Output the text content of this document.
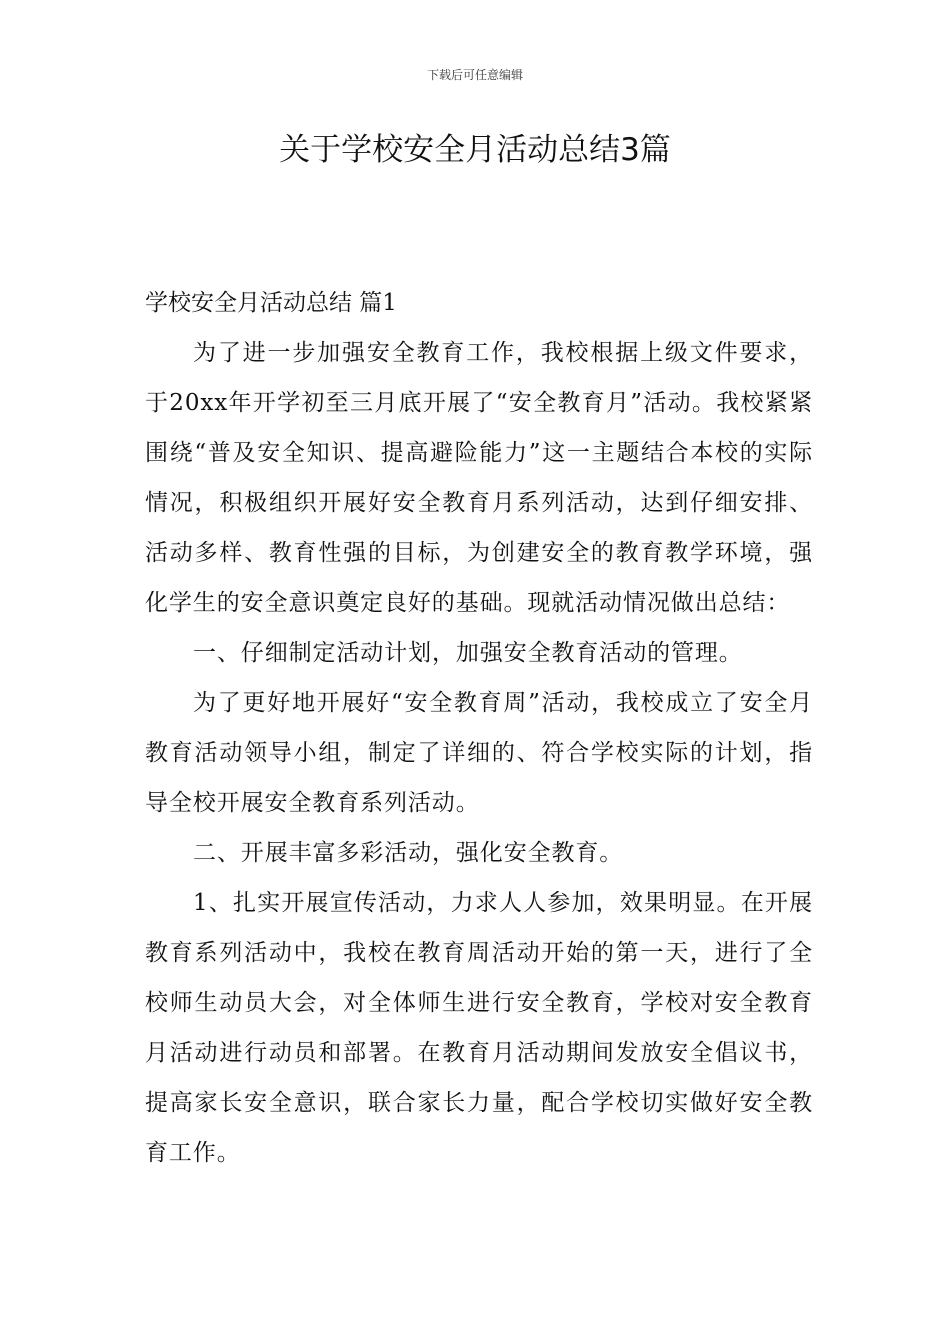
下载后可任意编辑
关于学校安全月活动总结3篇
学校安全月活动总结 篇1

为了进一步加强安全教育工作，我校根据上级文件要求，于20xx年开学初至三月底开展了“安全教育月”活动。我校紧紧围绕“普及安全知识、提高避险能力”这一主题结合本校的实际情况，积极组织开展好安全教育月系列活动，达到仔细安排、活动多样、教育性强的目标，为创建安全的教育教学环境，强化学生的安全意识奠定良好的基础。现就活动情况做出总结：

一、仔细制定活动计划，加强安全教育活动的管理。

为了更好地开展好“安全教育周”活动，我校成立了安全月教育活动领导小组，制定了详细的、符合学校实际的计划，指导全校开展安全教育系列活动。

二、开展丰富多彩活动，强化安全教育。

1、扎实开展宣传活动，力求人人参加，效果明显。在开展教育系列活动中，我校在教育周活动开始的第一天，进行了全校师生动员大会，对全体师生进行安全教育，学校对安全教育月活动进行动员和部署。在教育月活动期间发放安全倡议书，提高家长安全意识，联合家长力量，配合学校切实做好安全教育工作。
